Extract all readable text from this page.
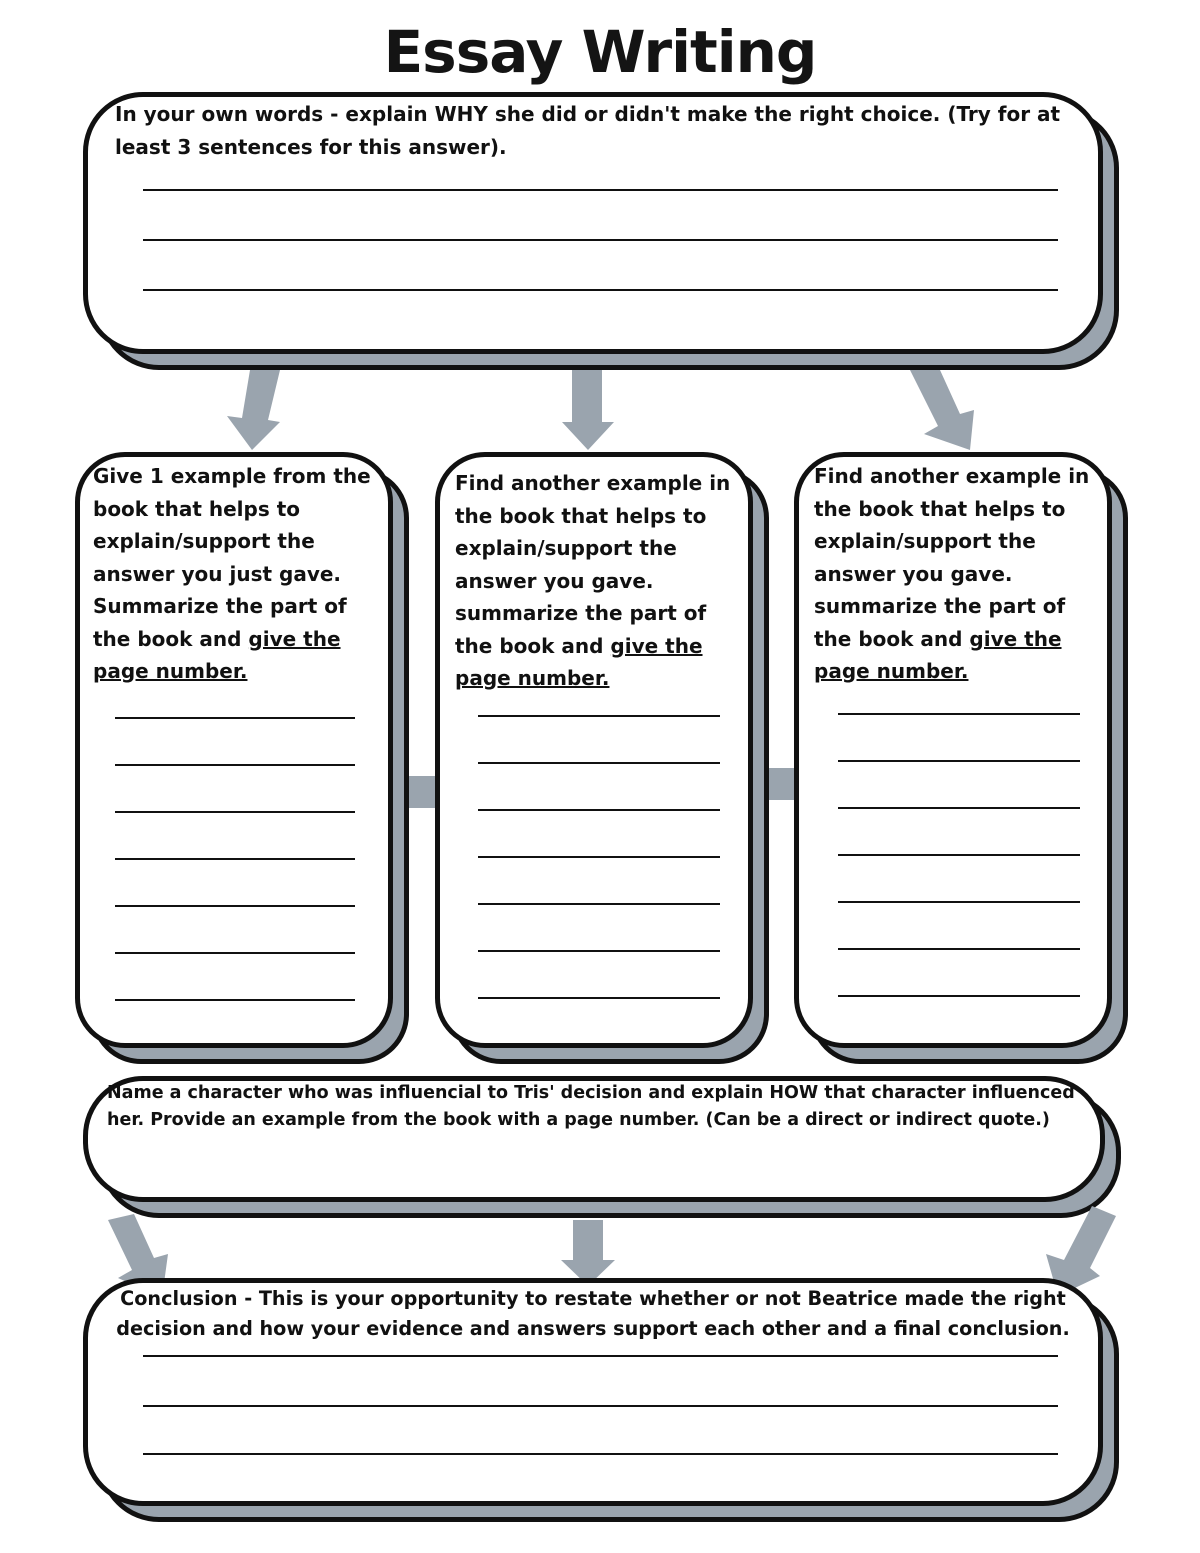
Essay Writing

In your own words - explain WHY she did or didn't make the right choice. (Try for at least 3 sentences for this answer).

Give 1 example from the book that helps to explain/support the answer you just gave. Summarize the part of the book and give the page number.

Find another example in the book that helps to explain/support the answer you gave. summarize the part of the book and give the page number.

Find another example in the book that helps to explain/support the answer you gave. summarize the part of the book and give the page number.

Name a character who was influencial to Tris' decision and explain HOW that character influenced her. Provide an example from the book with a page number. (Can be a direct or indirect quote.)

Conclusion - This is your opportunity to restate whether or not Beatrice made the right decision and how your evidence and answers support each other and a final conclusion.
